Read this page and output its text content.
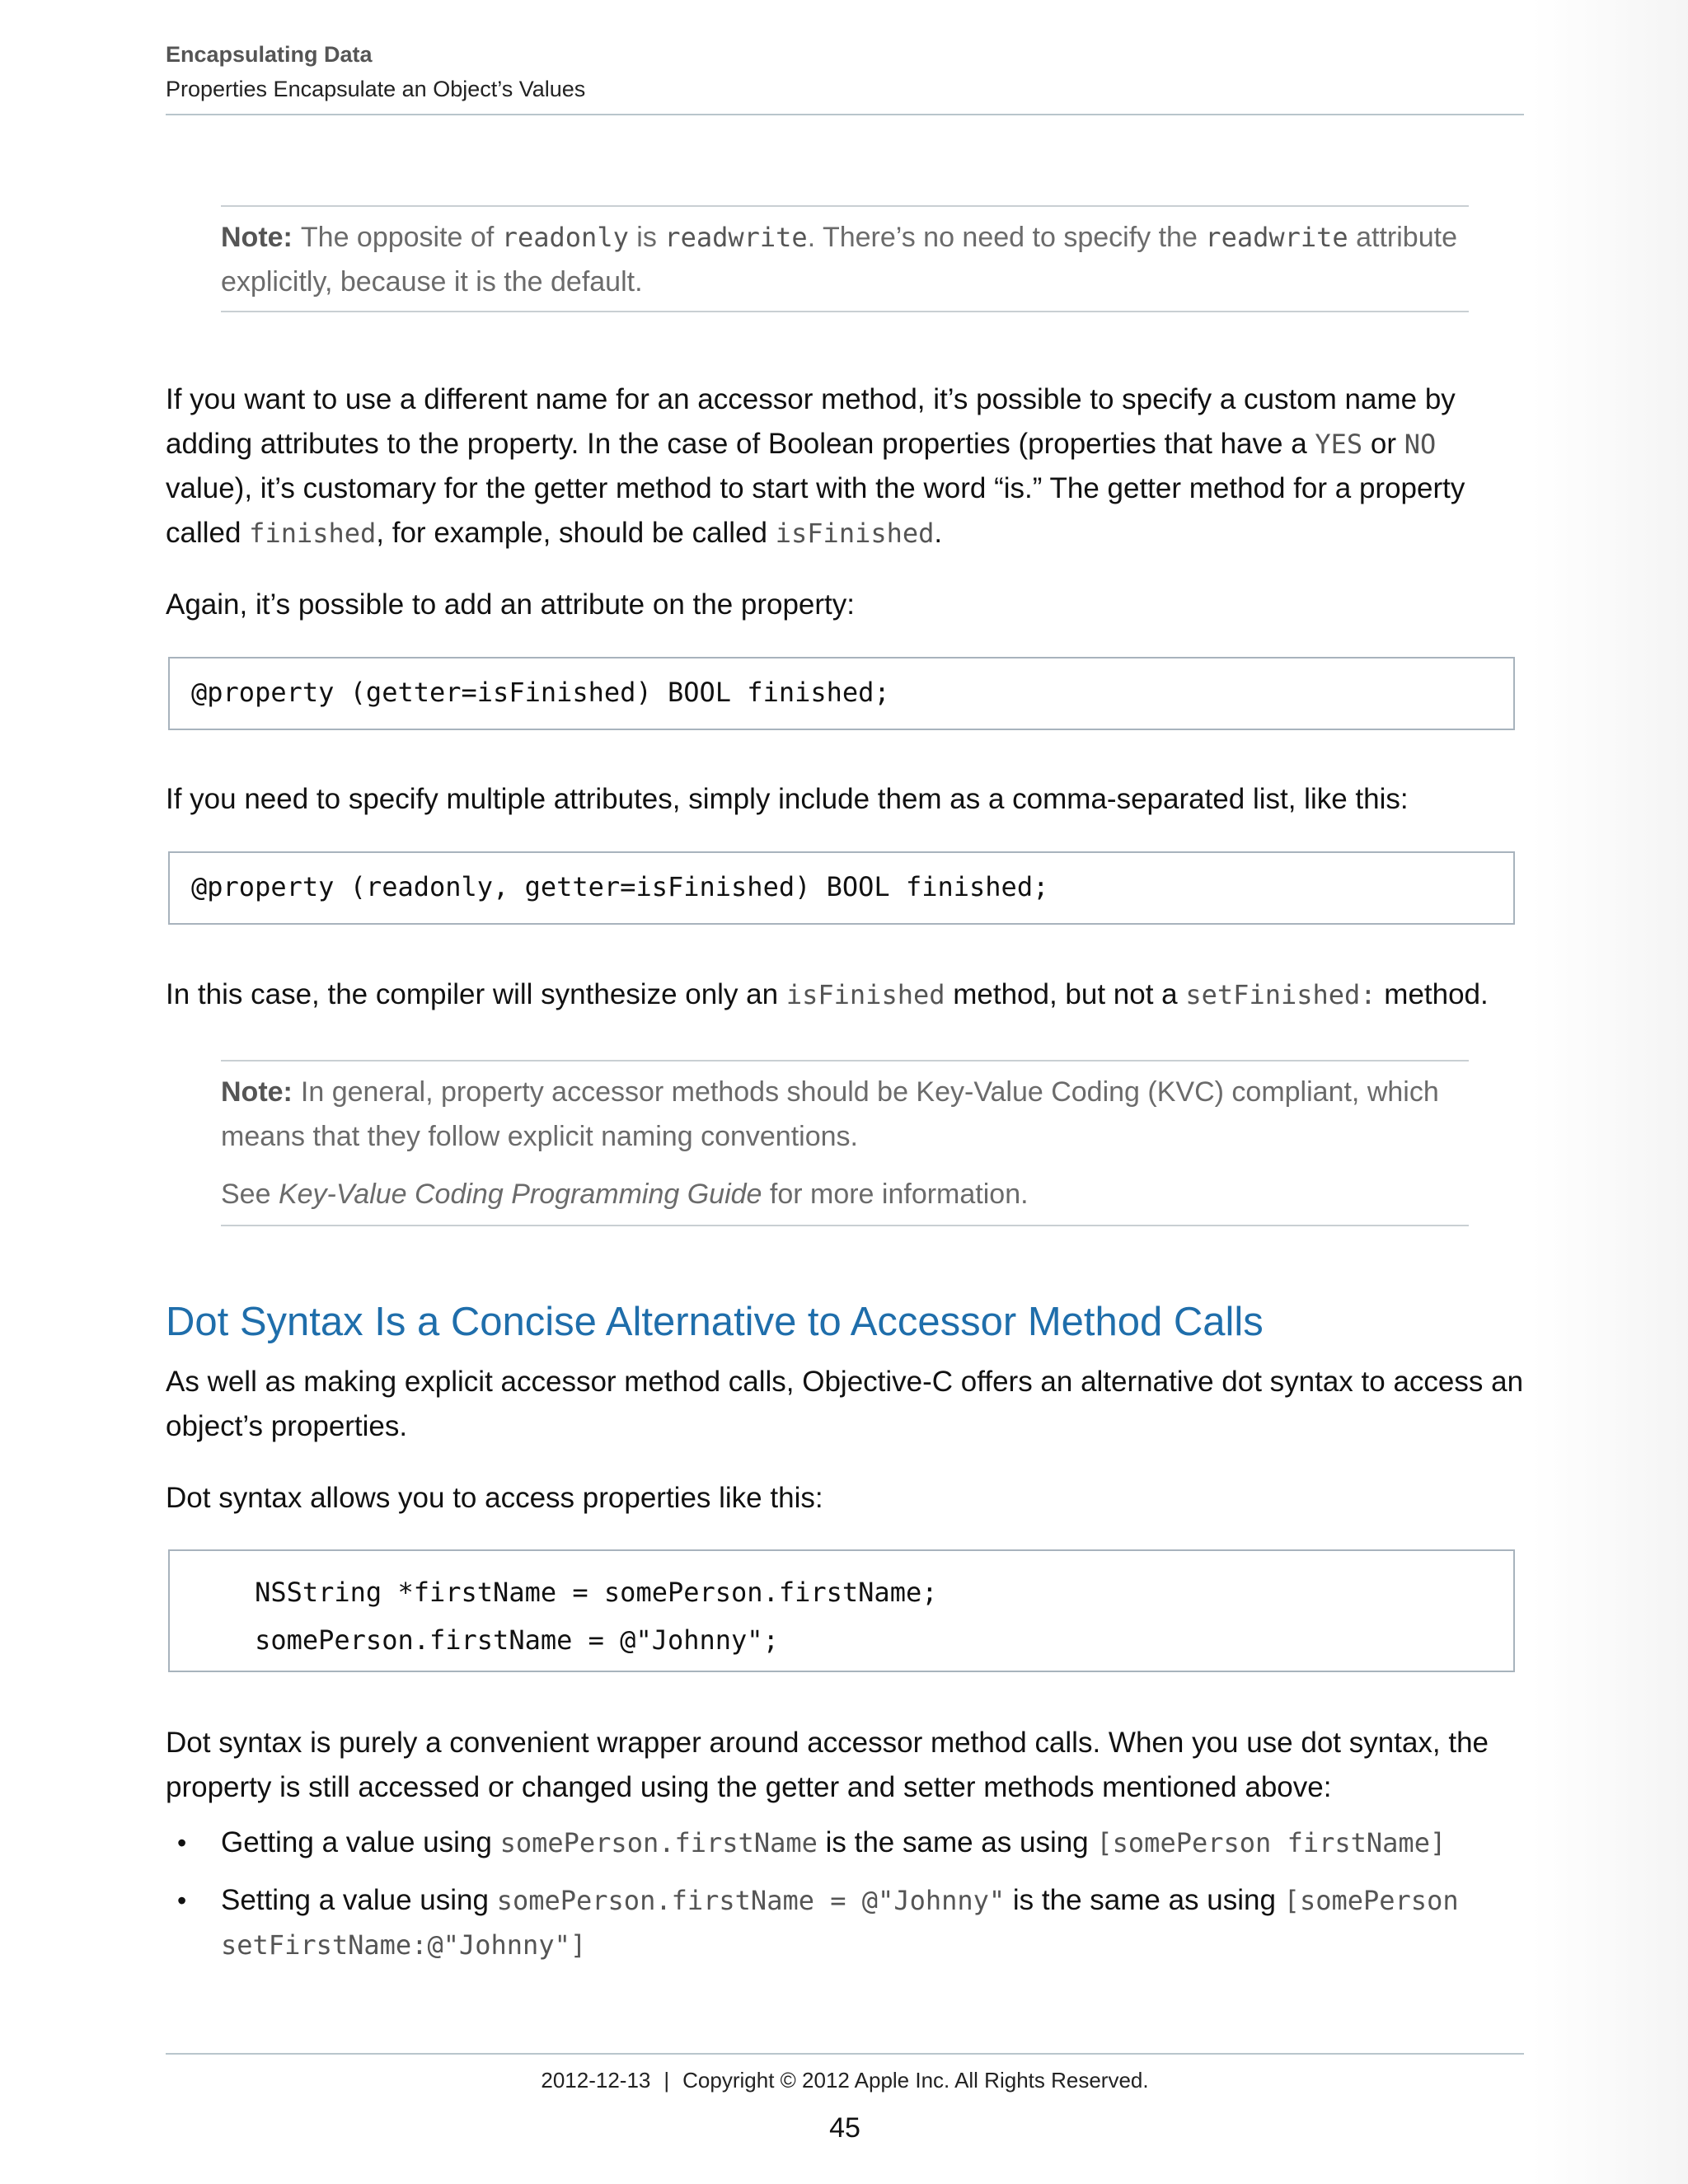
Encapsulating Data
Properties Encapsulate an Object’s Values

Note: The opposite of readonly is readwrite. There’s no need to specify the readwrite attribute explicitly, because it is the default.

If you want to use a different name for an accessor method, it’s possible to specify a custom name by adding attributes to the property. In the case of Boolean properties (properties that have a YES or NO value), it’s customary for the getter method to start with the word “is.” The getter method for a property called finished, for example, should be called isFinished.

Again, it’s possible to add an attribute on the property:

@property (getter=isFinished) BOOL finished;

If you need to specify multiple attributes, simply include them as a comma-separated list, like this:

@property (readonly, getter=isFinished) BOOL finished;

In this case, the compiler will synthesize only an isFinished method, but not a setFinished: method.

Note: In general, property accessor methods should be Key-Value Coding (KVC) compliant, which means that they follow explicit naming conventions.

See Key-Value Coding Programming Guide for more information.

Dot Syntax Is a Concise Alternative to Accessor Method Calls

As well as making explicit accessor method calls, Objective-C offers an alternative dot syntax to access an object’s properties.

Dot syntax allows you to access properties like this:

NSString *firstName = somePerson.firstName;
somePerson.firstName = @"Johnny";

Dot syntax is purely a convenient wrapper around accessor method calls. When you use dot syntax, the property is still accessed or changed using the getter and setter methods mentioned above:

• Getting a value using somePerson.firstName is the same as using [somePerson firstName]
• Setting a value using somePerson.firstName = @"Johnny" is the same as using [somePerson setFirstName:@"Johnny"]
2012-12-13 | Copyright © 2012 Apple Inc. All Rights Reserved.
45
